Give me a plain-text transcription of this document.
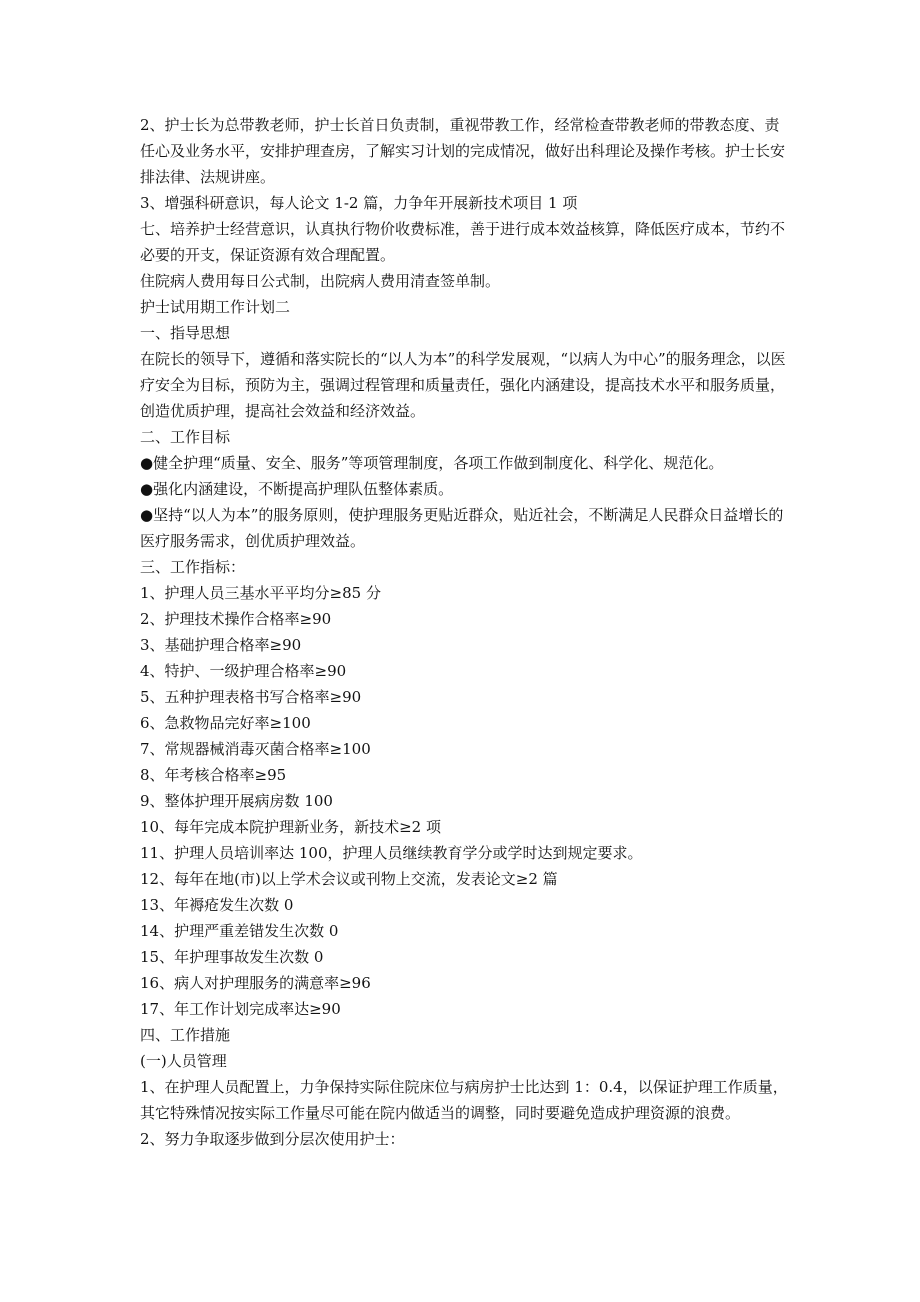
2、护士长为总带教老师，护士长首日负责制，重视带教工作，经常检查带教老师的带教态度、责任心及业务水平，安排护理查房，了解实习计划的完成情况，做好出科理论及操作考核。护士长安排法律、法规讲座。

3、增强科研意识，每人论文 1-2 篇，力争年开展新技术项目 1 项

七、培养护士经营意识，认真执行物价收费标准，善于进行成本效益核算，降低医疗成本，节约不必要的开支，保证资源有效合理配置。

住院病人费用每日公式制，出院病人费用清查签单制。

护士试用期工作计划二

一、指导思想

在院长的领导下，遵循和落实院长的“以人为本”的科学发展观，“以病人为中心”的服务理念，以医疗安全为目标，预防为主，强调过程管理和质量责任，强化内涵建设，提高技术水平和服务质量，创造优质护理，提高社会效益和经济效益。

二、工作目标

●健全护理“质量、安全、服务”等项管理制度，各项工作做到制度化、科学化、规范化。

●强化内涵建设，不断提高护理队伍整体素质。

●坚持“以人为本”的服务原则，使护理服务更贴近群众，贴近社会，不断满足人民群众日益增长的医疗服务需求，创优质护理效益。

三、工作指标：

1、护理人员三基水平平均分≥85 分

2、护理技术操作合格率≥90

3、基础护理合格率≥90

4、特护、一级护理合格率≥90

5、五种护理表格书写合格率≥90

6、急救物品完好率≥100

7、常规器械消毒灭菌合格率≥100

8、年考核合格率≥95

9、整体护理开展病房数 100

10、每年完成本院护理新业务，新技术≥2 项

11、护理人员培训率达 100，护理人员继续教育学分或学时达到规定要求。

12、每年在地(市)以上学术会议或刊物上交流，发表论文≥2 篇

13、年褥疮发生次数 0

14、护理严重差错发生次数 0

15、年护理事故发生次数 0

16、病人对护理服务的满意率≥96

17、年工作计划完成率达≥90

四、工作措施

(一)人员管理

1、在护理人员配置上，力争保持实际住院床位与病房护士比达到 1：0.4，以保证护理工作质量，其它特殊情况按实际工作量尽可能在院内做适当的调整，同时要避免造成护理资源的浪费。

2、努力争取逐步做到分层次使用护士：
